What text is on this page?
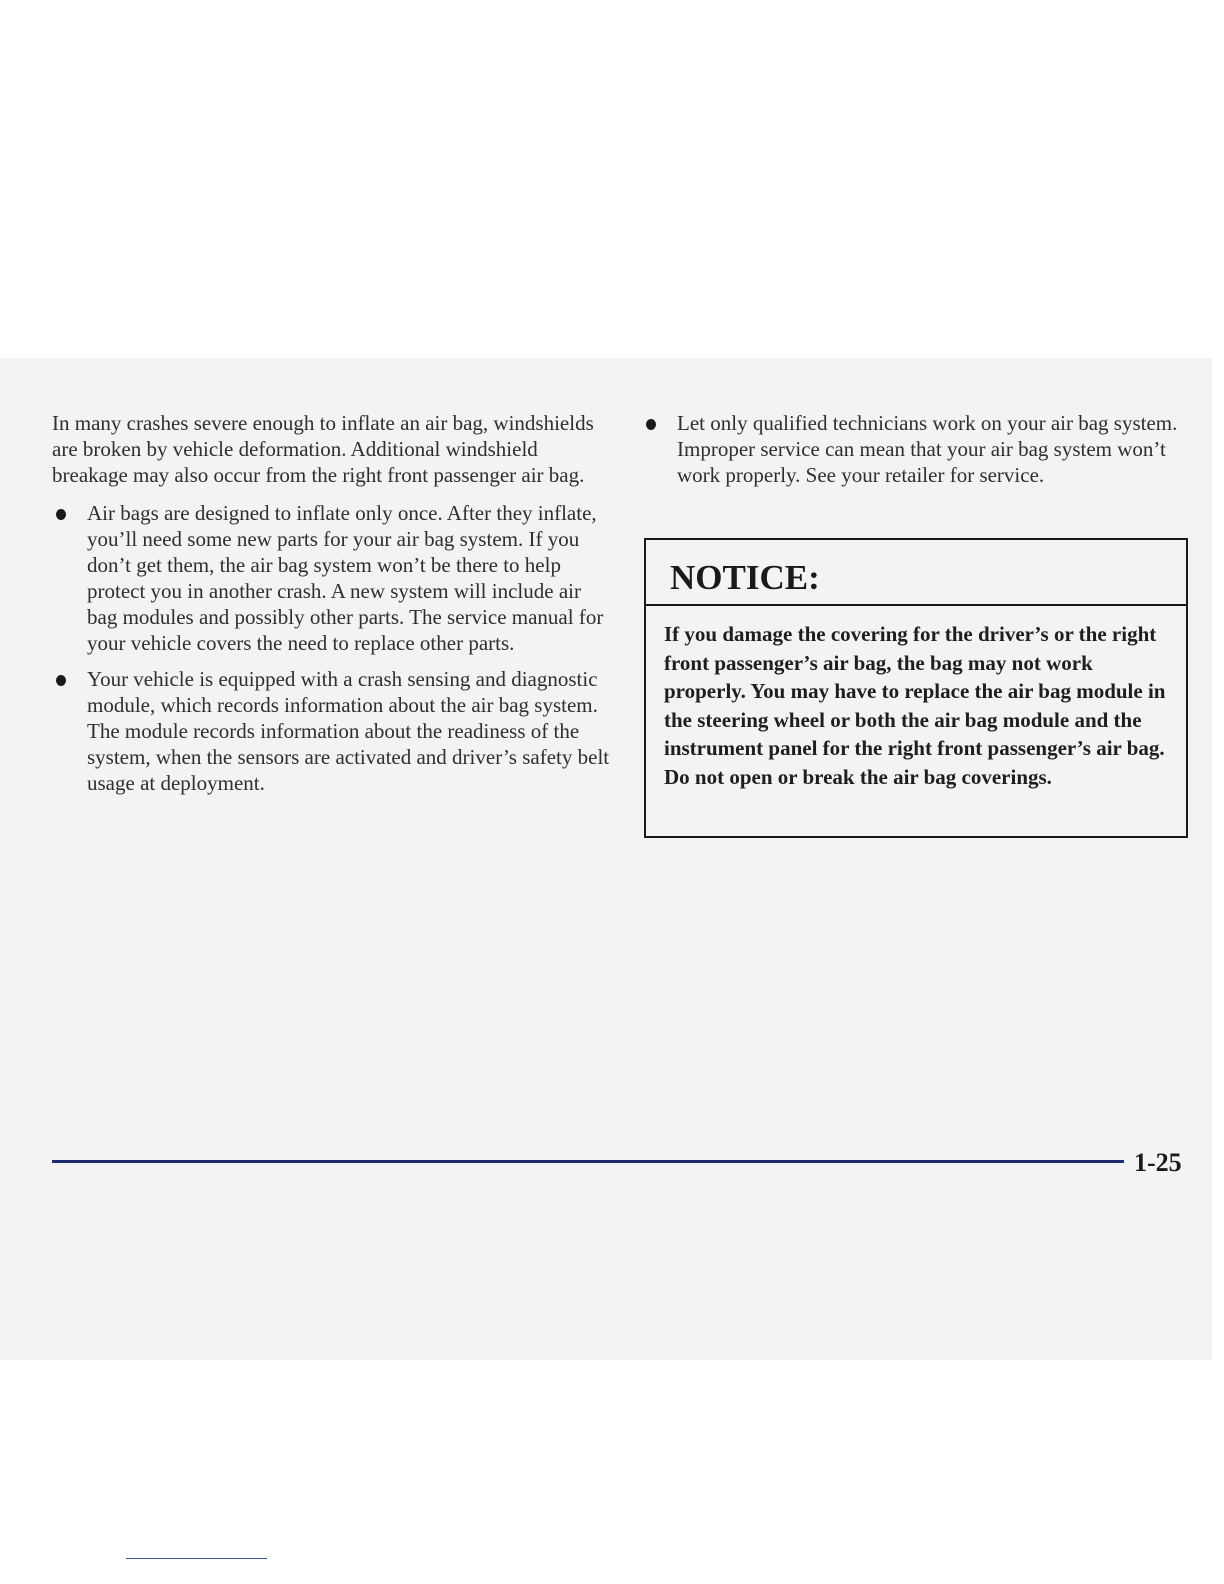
In many crashes severe enough to inflate an air bag, windshields are broken by vehicle deformation. Additional windshield breakage may also occur from the right front passenger air bag.

Air bags are designed to inflate only once. After they inflate, you’ll need some new parts for your air bag system. If you don’t get them, the air bag system won’t be there to help protect you in another crash. A new system will include air bag modules and possibly other parts. The service manual for your vehicle covers the need to replace other parts.
Your vehicle is equipped with a crash sensing and diagnostic module, which records information about the air bag system. The module records information about the readiness of the system, when the sensors are activated and driver’s safety belt usage at deployment.
Let only qualified technicians work on your air bag system. Improper service can mean that your air bag system won’t work properly. See your retailer for service.
NOTICE:
If you damage the covering for the driver’s or the right front passenger’s air bag, the bag may not work properly. You may have to replace the air bag module in the steering wheel or both the air bag module and the instrument panel for the right front passenger’s air bag. Do not open or break the air bag coverings.
1-25
